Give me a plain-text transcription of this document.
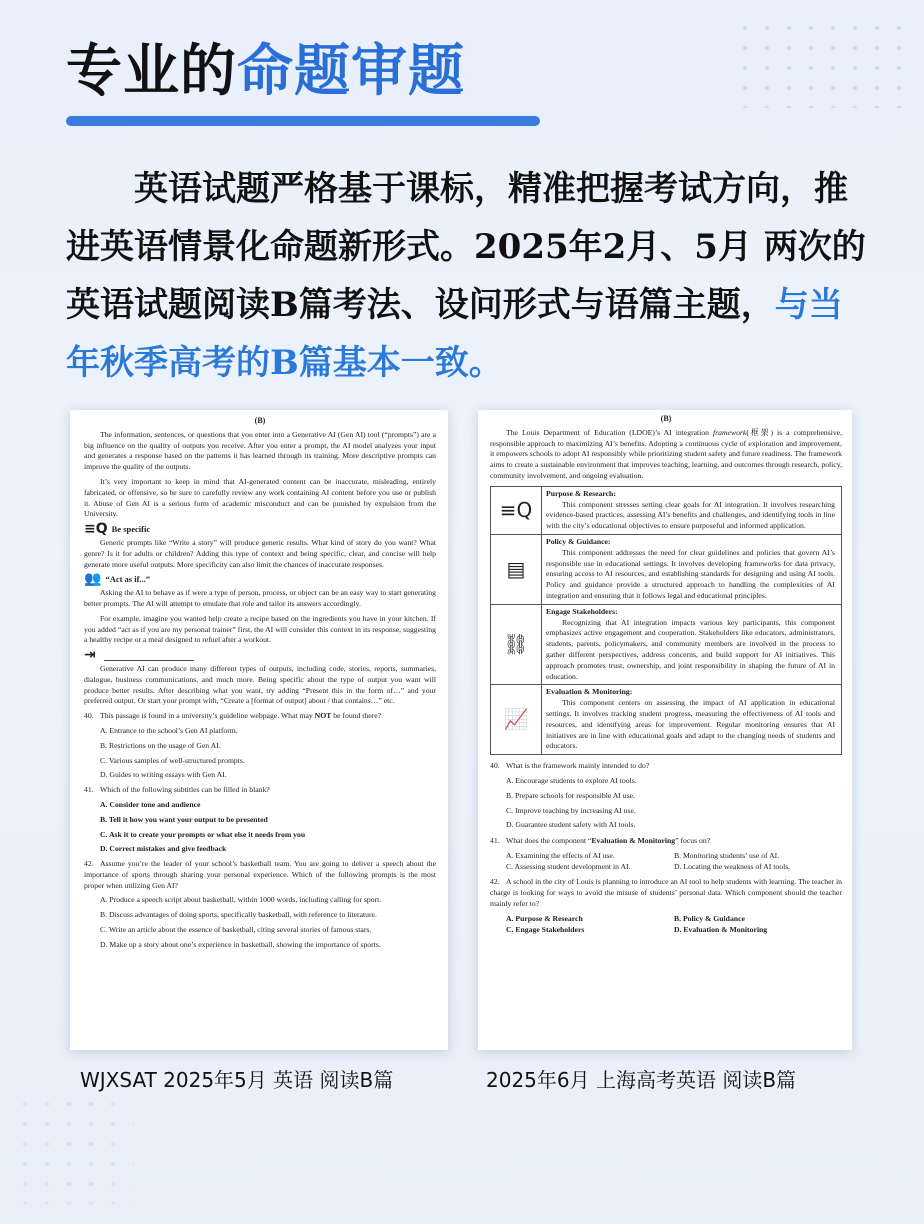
专业的命题审题
英语试题严格基于课标，精准把握考试方向，推进英语情景化命题新形式。2025年2月、5月 两次的英语试题阅读B篇考法、设问形式与语篇主题，与当年秋季高考的B篇基本一致。
(B)

The information, sentences, or questions that you enter into a Generative AI (Gen AI) tool (“prompts”) are a big influence on the quality of outputs you receive. After you enter a prompt, the AI model analyzes your input and generates a response based on the patterns it has learned through its training. More descriptive prompts can improve the quality of the outputs.

It’s very important to keep in mind that AI-generated content can be inaccurate, misleading, entirely fabricated, or offensive, so be sure to carefully review any work containing AI content before you use or publish it. Abuse of Gen AI is a serious form of academic misconduct and can be punished by expulsion from the University.

≡Q Be specific

Generic prompts like “Write a story” will produce generic results. What kind of story do you want? What genre? Is it for adults or children? Adding this type of context and being specific, clear, and concise will help generate more useful outputs. More specificity can also limit the chances of inaccurate responses.

👥 “Act as if...”

Asking the AI to behave as if were a type of person, process, or object can be an easy way to start generating better prompts. The AI will attempt to emulate that role and tailor its answers accordingly.

For example, imagine you wanted help create a recipe based on the ingredients you have in your kitchen. If you added “act as if you are my personal trainer” first, the AI will consider this context in its response, suggesting a healthy recipe or a meal designed to refuel after a workout.

⇥

Generative AI can produce many different types of outputs, including code, stories, reports, summaries, dialogue, business communications, and much more. Being specific about the type of output you want will produce better results. After describing what you want, try adding “Present this in the form of…” and your preferred output. Or start your prompt with, “Create a [format of output] about / that contains…” etc.

40. This passage is found in a university’s guideline webpage. What may NOT be found there?

A. Entrance to the school’s Gen AI platform.

B. Restrictions on the usage of Gen AI.

C. Various samples of well-structured prompts.

D. Guides to writing essays with Gen AI.

41. Which of the following subtitles can be filled in blank?

A. Consider tone and audience

B. Tell it how you want your output to be presented

C. Ask it to create your prompts or what else it needs from you

D. Correct mistakes and give feedback

42. Assume you’re the leader of your school’s basketball team. You are going to deliver a speech about the importance of sports through sharing your personal experience. Which of the following prompts is the most proper when utilizing Gen AI?

A. Produce a speech script about basketball, within 1000 words, including calling for sport.

B. Discuss advantages of doing sports, specifically basketball, with reference to literature.

C. Write an article about the essence of basketball, citing several stories of famous stars.

D. Make up a story about one’s experience in basketball, showing the importance of sports.

(B)

The Louis Department of Education (LDOE)’s AI integration framework(框架) is a comprehensive, responsible approach to maximizing AI’s benefits. Adopting a continuous cycle of exploration and improvement, it empowers schools to adopt AI responsibly while prioritizing student safety and future readiness. The framework aims to create a sustainable environment that improves teaching, learning, and outcomes through research, policy, community involvement, and ongoing evaluation.

≡Q
Purpose & Research:

This component stresses setting clear goals for AI integration. It involves researching evidence-based practices, assessing AI’s benefits and challenges, and identifying tools in line with the city’s educational objectives to ensure purposeful and informed application.

▤
Policy & Guidance:

This component addresses the need for clear guidelines and policies that govern AI’s responsible use in educational settings. It involves developing frameworks for data privacy, ensuring access to AI resources, and establishing standards for designing and using AI tools. Policy and guidance provide a structured approach to handling the complexities of AI integration and ensuring that it follows legal and educational principles.

⛓
Engage Stakeholders:

Recognizing that AI integration impacts various key participants, this component emphasizes active engagement and cooperation. Stakeholders like educators, administrators, students, parents, policymakers, and community members are involved in the process to gather different perspectives, address concerns, and build support for AI initiatives. This approach promotes trust, ownership, and joint responsibility in shaping the future of AI in education.

📈
Evaluation & Monitoring:

This component centers on assessing the impact of AI application in educational settings. It involves tracking student progress, measuring the effectiveness of AI tools and resources, and identifying areas for improvement. Regular monitoring ensures that AI initiatives are in line with educational goals and adapt to the changing needs of students and educators.

40. What is the framework mainly intended to do?

A. Encourage students to explore AI tools.

B. Prepare schools for responsible AI use.

C. Improve teaching by increasing AI use.

D. Guarantee student safety with AI tools.

41. What does the component “Evaluation & Monitoring” focus on?

A. Examining the effects of AI use.	B. Monitoring students’ use of AI.
C. Assessing student development in AI.	D. Locating the weakness of AI tools.

42. A school in the city of Louis is planning to introduce an AI tool to help students with learning. The teacher in charge is looking for ways to avoid the misuse of students’ personal data. Which component should the teacher mainly refer to?

A. Purpose & Research	B. Policy & Guidance
C. Engage Stakeholders	D. Evaluation & Monitoring
WJXSAT 2025年5月 英语 阅读B篇	2025年6月 上海高考英语 阅读B篇
